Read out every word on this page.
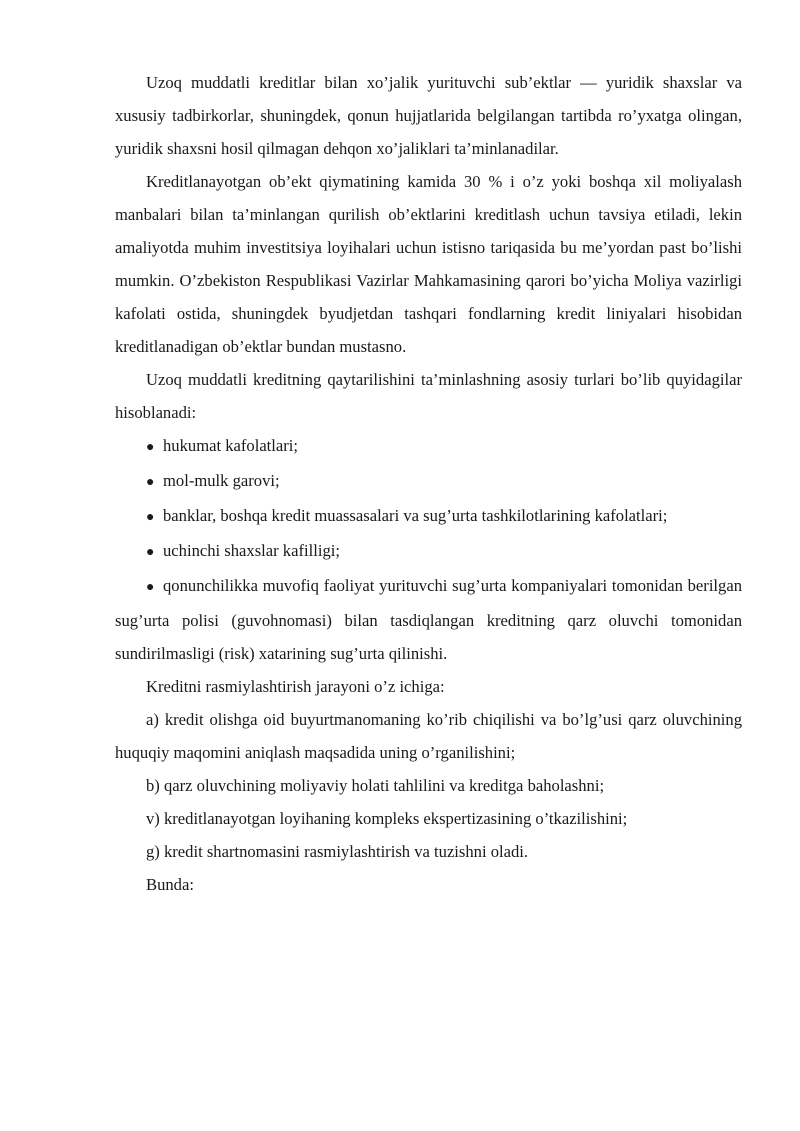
Uzoq muddatli kreditlar bilan xo’jalik yurituvchi sub’ektlar — yuridik shaxslar va xususiy tadbirkorlar, shuningdek, qonun hujjatlarida belgilangan tartibda ro’yxatga olingan, yuridik shaxsni hosil qilmagan dehqon xo’jaliklari ta’minlanadilar.

Kreditlanayotgan ob’ekt qiymatining kamida 30 % i o’z yoki boshqa xil moliyalash manbalari bilan ta’minlangan qurilish ob’ektlarini kreditlash uchun tavsiya etiladi, lekin amaliyotda muhim investitsiya loyihalari uchun istisno tariqasida bu me’yordan past bo’lishi mumkin. O’zbekiston Respublikasi Vazirlar Mahkamasining qarori bo’yicha Moliya vazirligi kafolati ostida, shuningdek byudjetdan tashqari fondlarning kredit liniyalari hisobidan kreditlanadigan ob’ektlar bundan mustasno.

Uzoq muddatli kreditning qaytarilishini ta’minlashning asosiy turlari bo’lib quyidagilar hisoblanadi:

● hukumat kafolatlari;

● mol-mulk garovi;

● banklar, boshqa kredit muassasalari va sug’urta tashkilotlarining kafolatlari;

● uchinchi shaxslar kafilligi;

● qonunchilikka muvofiq faoliyat yurituvchi sug’urta kompaniyalari tomonidan berilgan sug’urta polisi (guvohnomasi) bilan tasdiqlangan kreditning qarz oluvchi tomonidan sundirilmasligi (risk) xatarining sug’urta qilinishi.

Kreditni rasmiylashtirish jarayoni o’z ichiga:

a) kredit olishga oid buyurtmanomaning ko’rib chiqilishi va bo’lg’usi qarz oluvchining huquqiy maqomini aniqlash maqsadida uning o’rganilishini;

b) qarz oluvchining moliyaviy holati tahlilini va kreditga baholashni;

v) kreditlanayotgan loyihaning kompleks ekspertizasining o’tkazilishini;

g) kredit shartnomasini rasmiylashtirish va tuzishni oladi.

Bunda:
